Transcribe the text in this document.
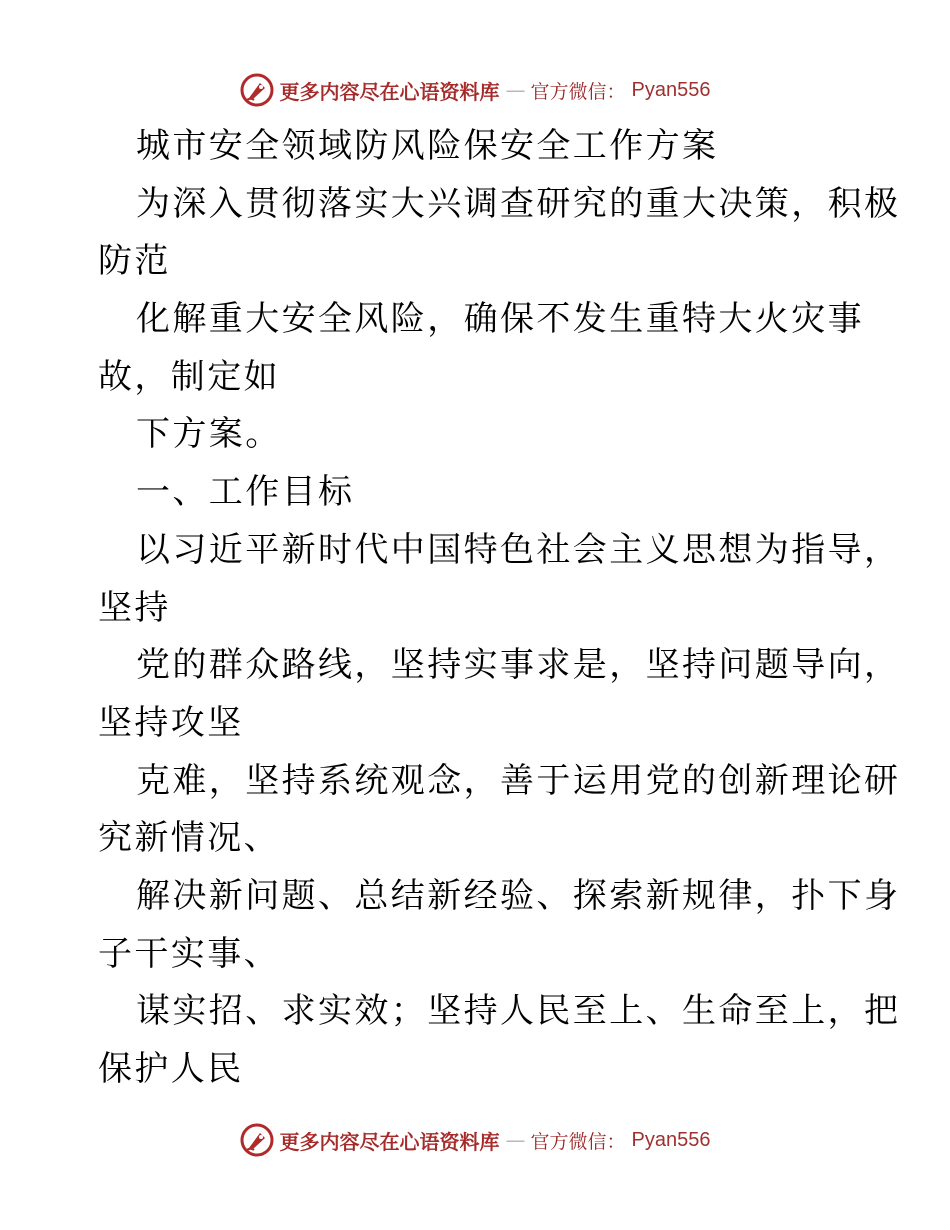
更多内容尽在心语资料库 — 官方微信： Pyan556
城市安全领域防风险保安全工作方案
为深入贯彻落实大兴调查研究的重大决策，积极
防范
化解重大安全风险，确保不发生重特大火灾事
故，制定如
下方案。
一、工作目标
以习近平新时代中国特色社会主义思想为指导，
坚持
党的群众路线，坚持实事求是，坚持问题导向，
坚持攻坚
克难，坚持系统观念，善于运用党的创新理论研
究新情况、
解决新问题、总结新经验、探索新规律，扑下身
子干实事、
谋实招、求实效；坚持人民至上、生命至上，把
保护人民
更多内容尽在心语资料库 — 官方微信： Pyan556
